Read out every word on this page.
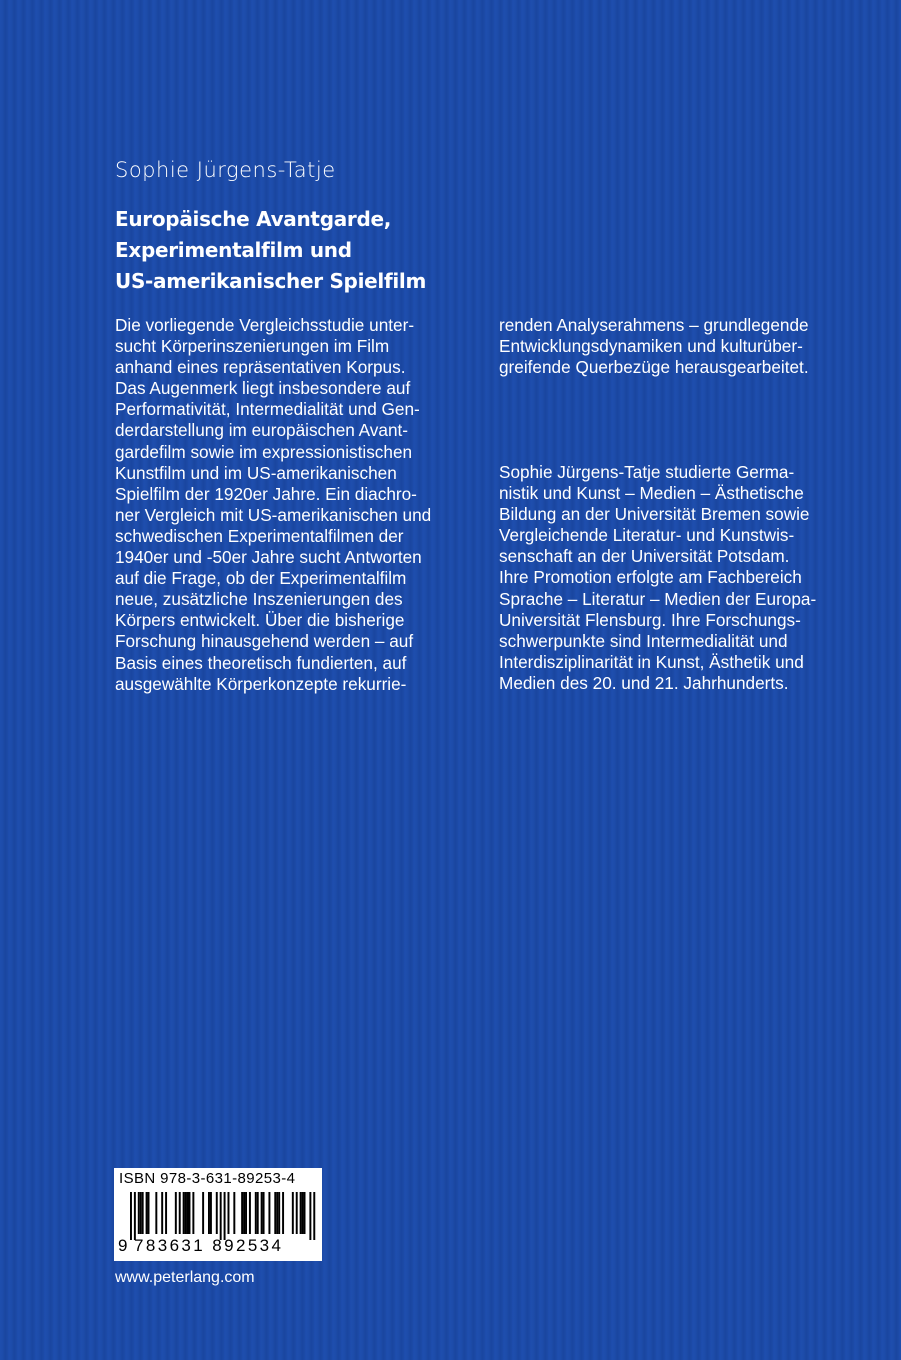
Sophie Jürgens-Tatje
Europäische Avantgarde,
Experimentalfilm und
US-amerikanischer Spielfilm
Die vorliegende Vergleichsstudie unter-
sucht Körperinszenierungen im Film
anhand eines repräsentativen Korpus.
Das Augenmerk liegt insbesondere auf
Performativität, Intermedialität und Gen-
derdarstellung im europäischen Avant-
gardefilm sowie im expressionistischen
Kunstfilm und im US-amerikanischen
Spielfilm der 1920er Jahre. Ein diachro-
ner Vergleich mit US-amerikanischen und
schwedischen Experimentalfilmen der
1940er und -50er Jahre sucht Antworten
auf die Frage, ob der Experimentalfilm
neue, zusätzliche Inszenierungen des
Körpers entwickelt. Über die bisherige
Forschung hinausgehend werden – auf
Basis eines theoretisch fundierten, auf
ausgewählte Körperkonzepte rekurrie-
renden Analyserahmens – grundlegende
Entwicklungsdynamiken und kulturüber-
greifende Querbezüge herausgearbeitet.
Sophie Jürgens-Tatje studierte Germa-
nistik und Kunst – Medien – Ästhetische
Bildung an der Universität Bremen sowie
Vergleichende Literatur- und Kunstwis-
senschaft an der Universität Potsdam.
Ihre Promotion erfolgte am Fachbereich
Sprache – Literatur – Medien der Europa-
Universität Flensburg. Ihre Forschungs-
schwerpunkte sind Intermedialität und
Interdisziplinarität in Kunst, Ästhetik und
Medien des 20. und 21. Jahrhunderts.
ISBN 978-3-631-89253-4
9 783631 892534
www.peterlang.com
